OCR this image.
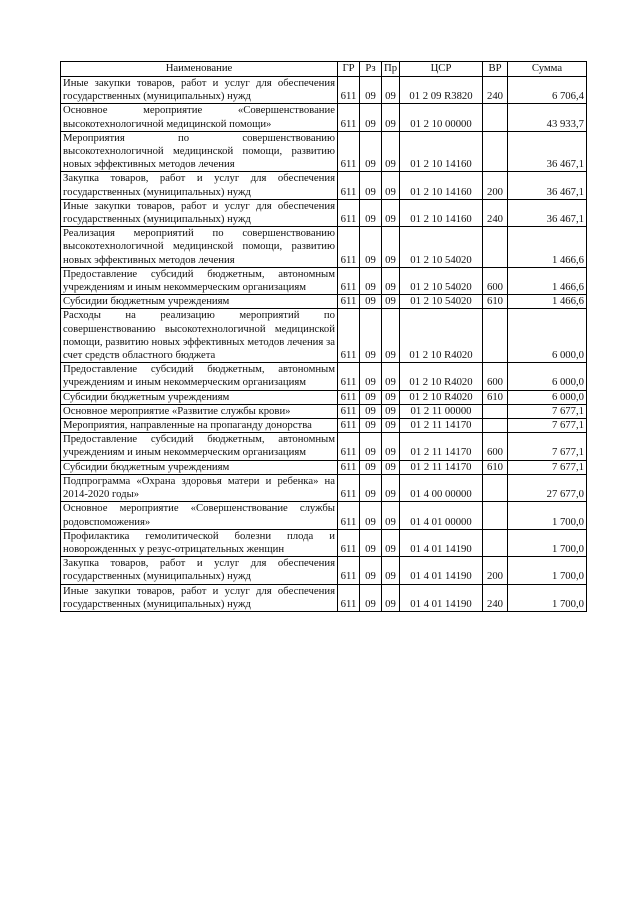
Наименование	ГР	Рз	Пр	ЦСР	ВР	Сумма
Иные закупки товаров, работ и услуг для обеспечения государственных (муниципальных) нужд	611	09	09	01 2 09 R3820	240	6 706,4
Основное мероприятие «Совершенствование высокотехнологичной медицинской помощи»	611	09	09	01 2 10 00000		43 933,7
Мероприятия по совершенствованию высокотехнологичной медицинской помощи, развитию новых эффективных методов лечения	611	09	09	01 2 10 14160		36 467,1
Закупка товаров, работ и услуг для обеспечения государственных (муниципальных) нужд	611	09	09	01 2 10 14160	200	36 467,1
Иные закупки товаров, работ и услуг для обеспечения государственных (муниципальных) нужд	611	09	09	01 2 10 14160	240	36 467,1
Реализация мероприятий по совершенствованию высокотехнологичной медицинской помощи, развитию новых эффективных методов лечения	611	09	09	01 2 10 54020		1 466,6
Предоставление субсидий бюджетным, автономным учреждениям и иным некоммерческим организациям	611	09	09	01 2 10 54020	600	1 466,6
Субсидии бюджетным учреждениям	611	09	09	01 2 10 54020	610	1 466,6
Расходы на реализацию мероприятий по совершенствованию высокотехнологичной медицинской помощи, развитию новых эффективных методов лечения за счет средств областного бюджета	611	09	09	01 2 10 R4020		6 000,0
Предоставление субсидий бюджетным, автономным учреждениям и иным некоммерческим организациям	611	09	09	01 2 10 R4020	600	6 000,0
Субсидии бюджетным учреждениям	611	09	09	01 2 10 R4020	610	6 000,0
Основное мероприятие «Развитие службы крови»	611	09	09	01 2 11 00000		7 677,1
Мероприятия, направленные на пропаганду донорства	611	09	09	01 2 11 14170		7 677,1
Предоставление субсидий бюджетным, автономным учреждениям и иным некоммерческим организациям	611	09	09	01 2 11 14170	600	7 677,1
Субсидии бюджетным учреждениям	611	09	09	01 2 11 14170	610	7 677,1
Подпрограмма «Охрана здоровья матери и ребенка» на 2014-2020 годы»	611	09	09	01 4 00 00000		27 677,0
Основное мероприятие «Совершенствование службы родовспоможения»	611	09	09	01 4 01 00000		1 700,0
Профилактика гемолитической болезни плода и новорожденных у резус-отрицательных женщин	611	09	09	01 4 01 14190		1 700,0
Закупка товаров, работ и услуг для обеспечения государственных (муниципальных) нужд	611	09	09	01 4 01 14190	200	1 700,0
Иные закупки товаров, работ и услуг для обеспечения государственных (муниципальных) нужд	611	09	09	01 4 01 14190	240	1 700,0
